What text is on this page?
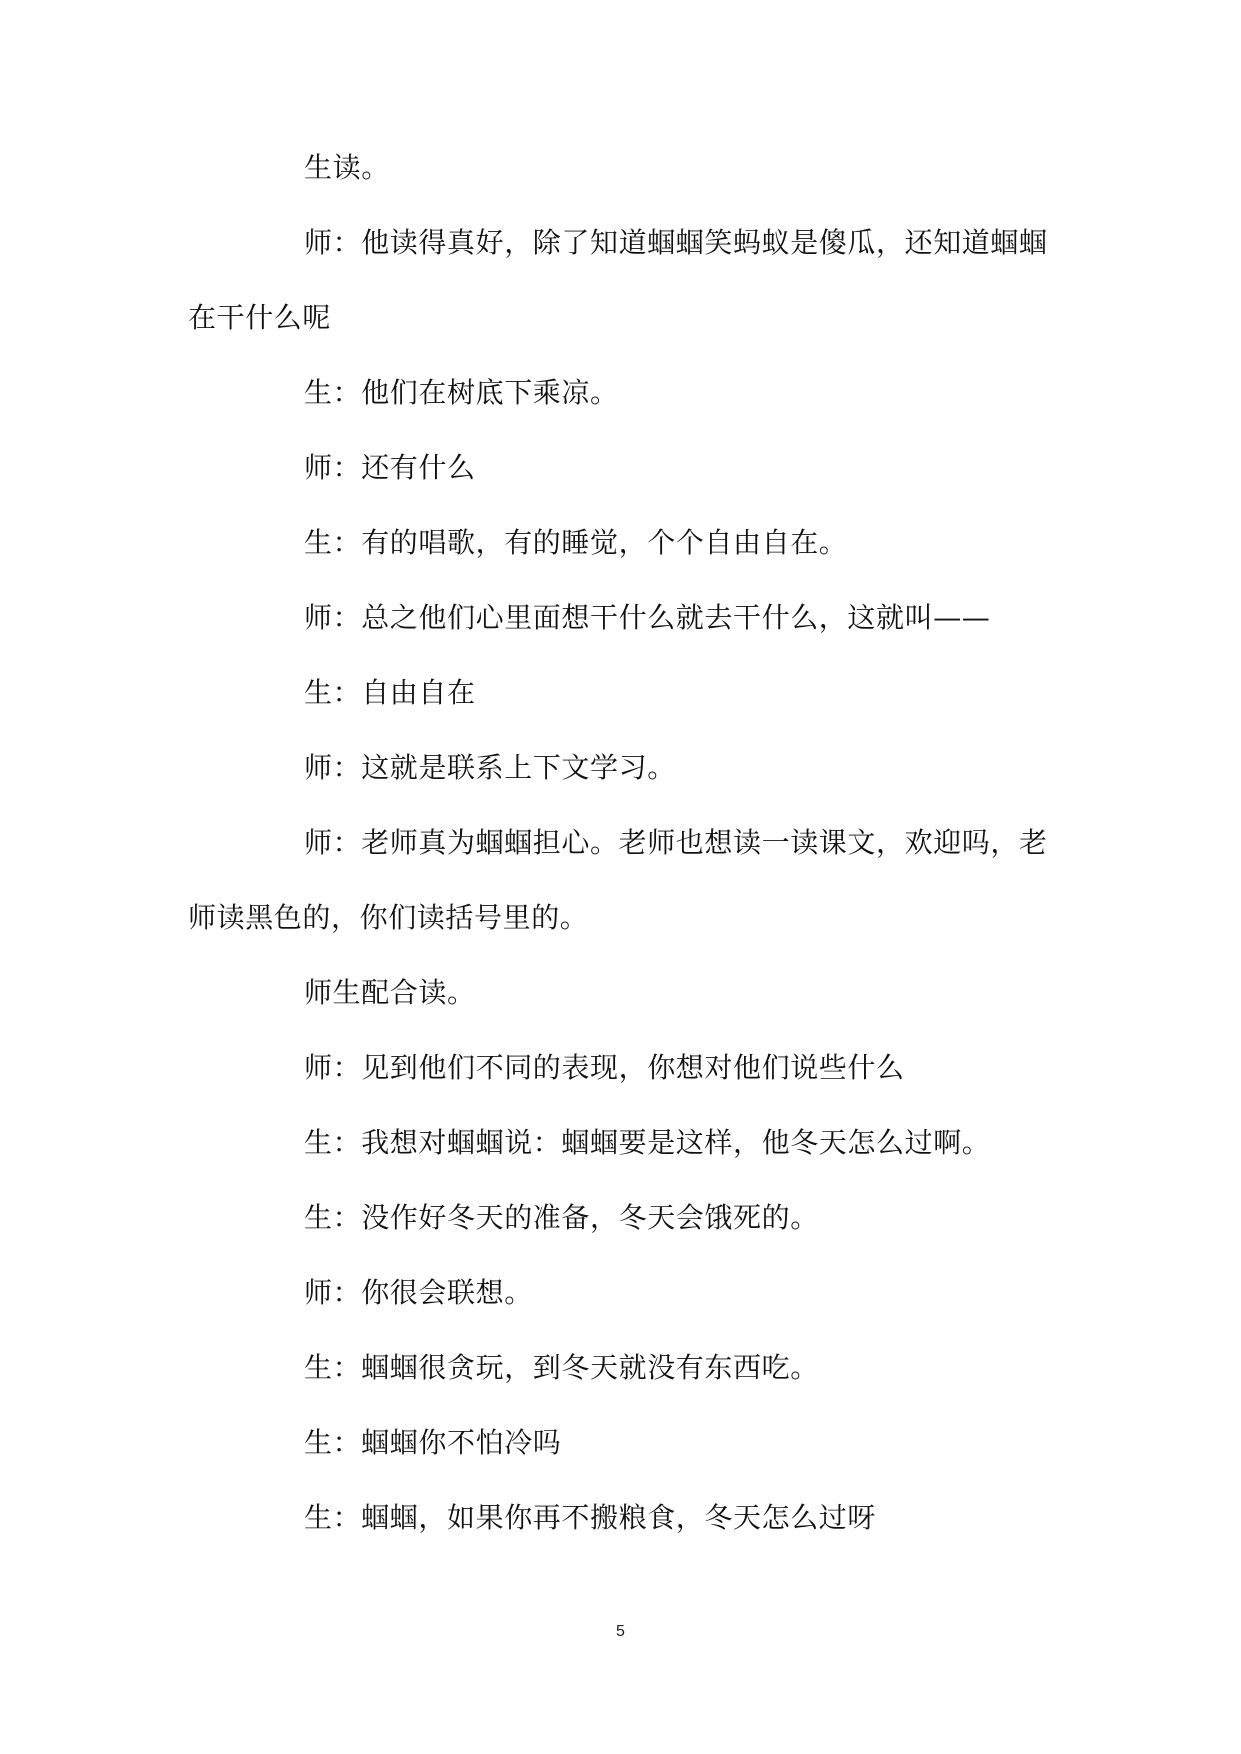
生读。

师：他读得真好，除了知道蝈蝈笑蚂蚁是傻瓜，还知道蝈蝈在干什么呢

生：他们在树底下乘凉。

师：还有什么

生：有的唱歌，有的睡觉，个个自由自在。

师：总之他们心里面想干什么就去干什么，这就叫——

生：自由自在

师：这就是联系上下文学习。

师：老师真为蝈蝈担心。老师也想读一读课文，欢迎吗，老师读黑色的，你们读括号里的。

师生配合读。

师：见到他们不同的表现，你想对他们说些什么

生：我想对蝈蝈说：蝈蝈要是这样，他冬天怎么过啊。

生：没作好冬天的准备，冬天会饿死的。

师：你很会联想。

生：蝈蝈很贪玩，到冬天就没有东西吃。

生：蝈蝈你不怕冷吗

生：蝈蝈，如果你再不搬粮食，冬天怎么过呀

5
